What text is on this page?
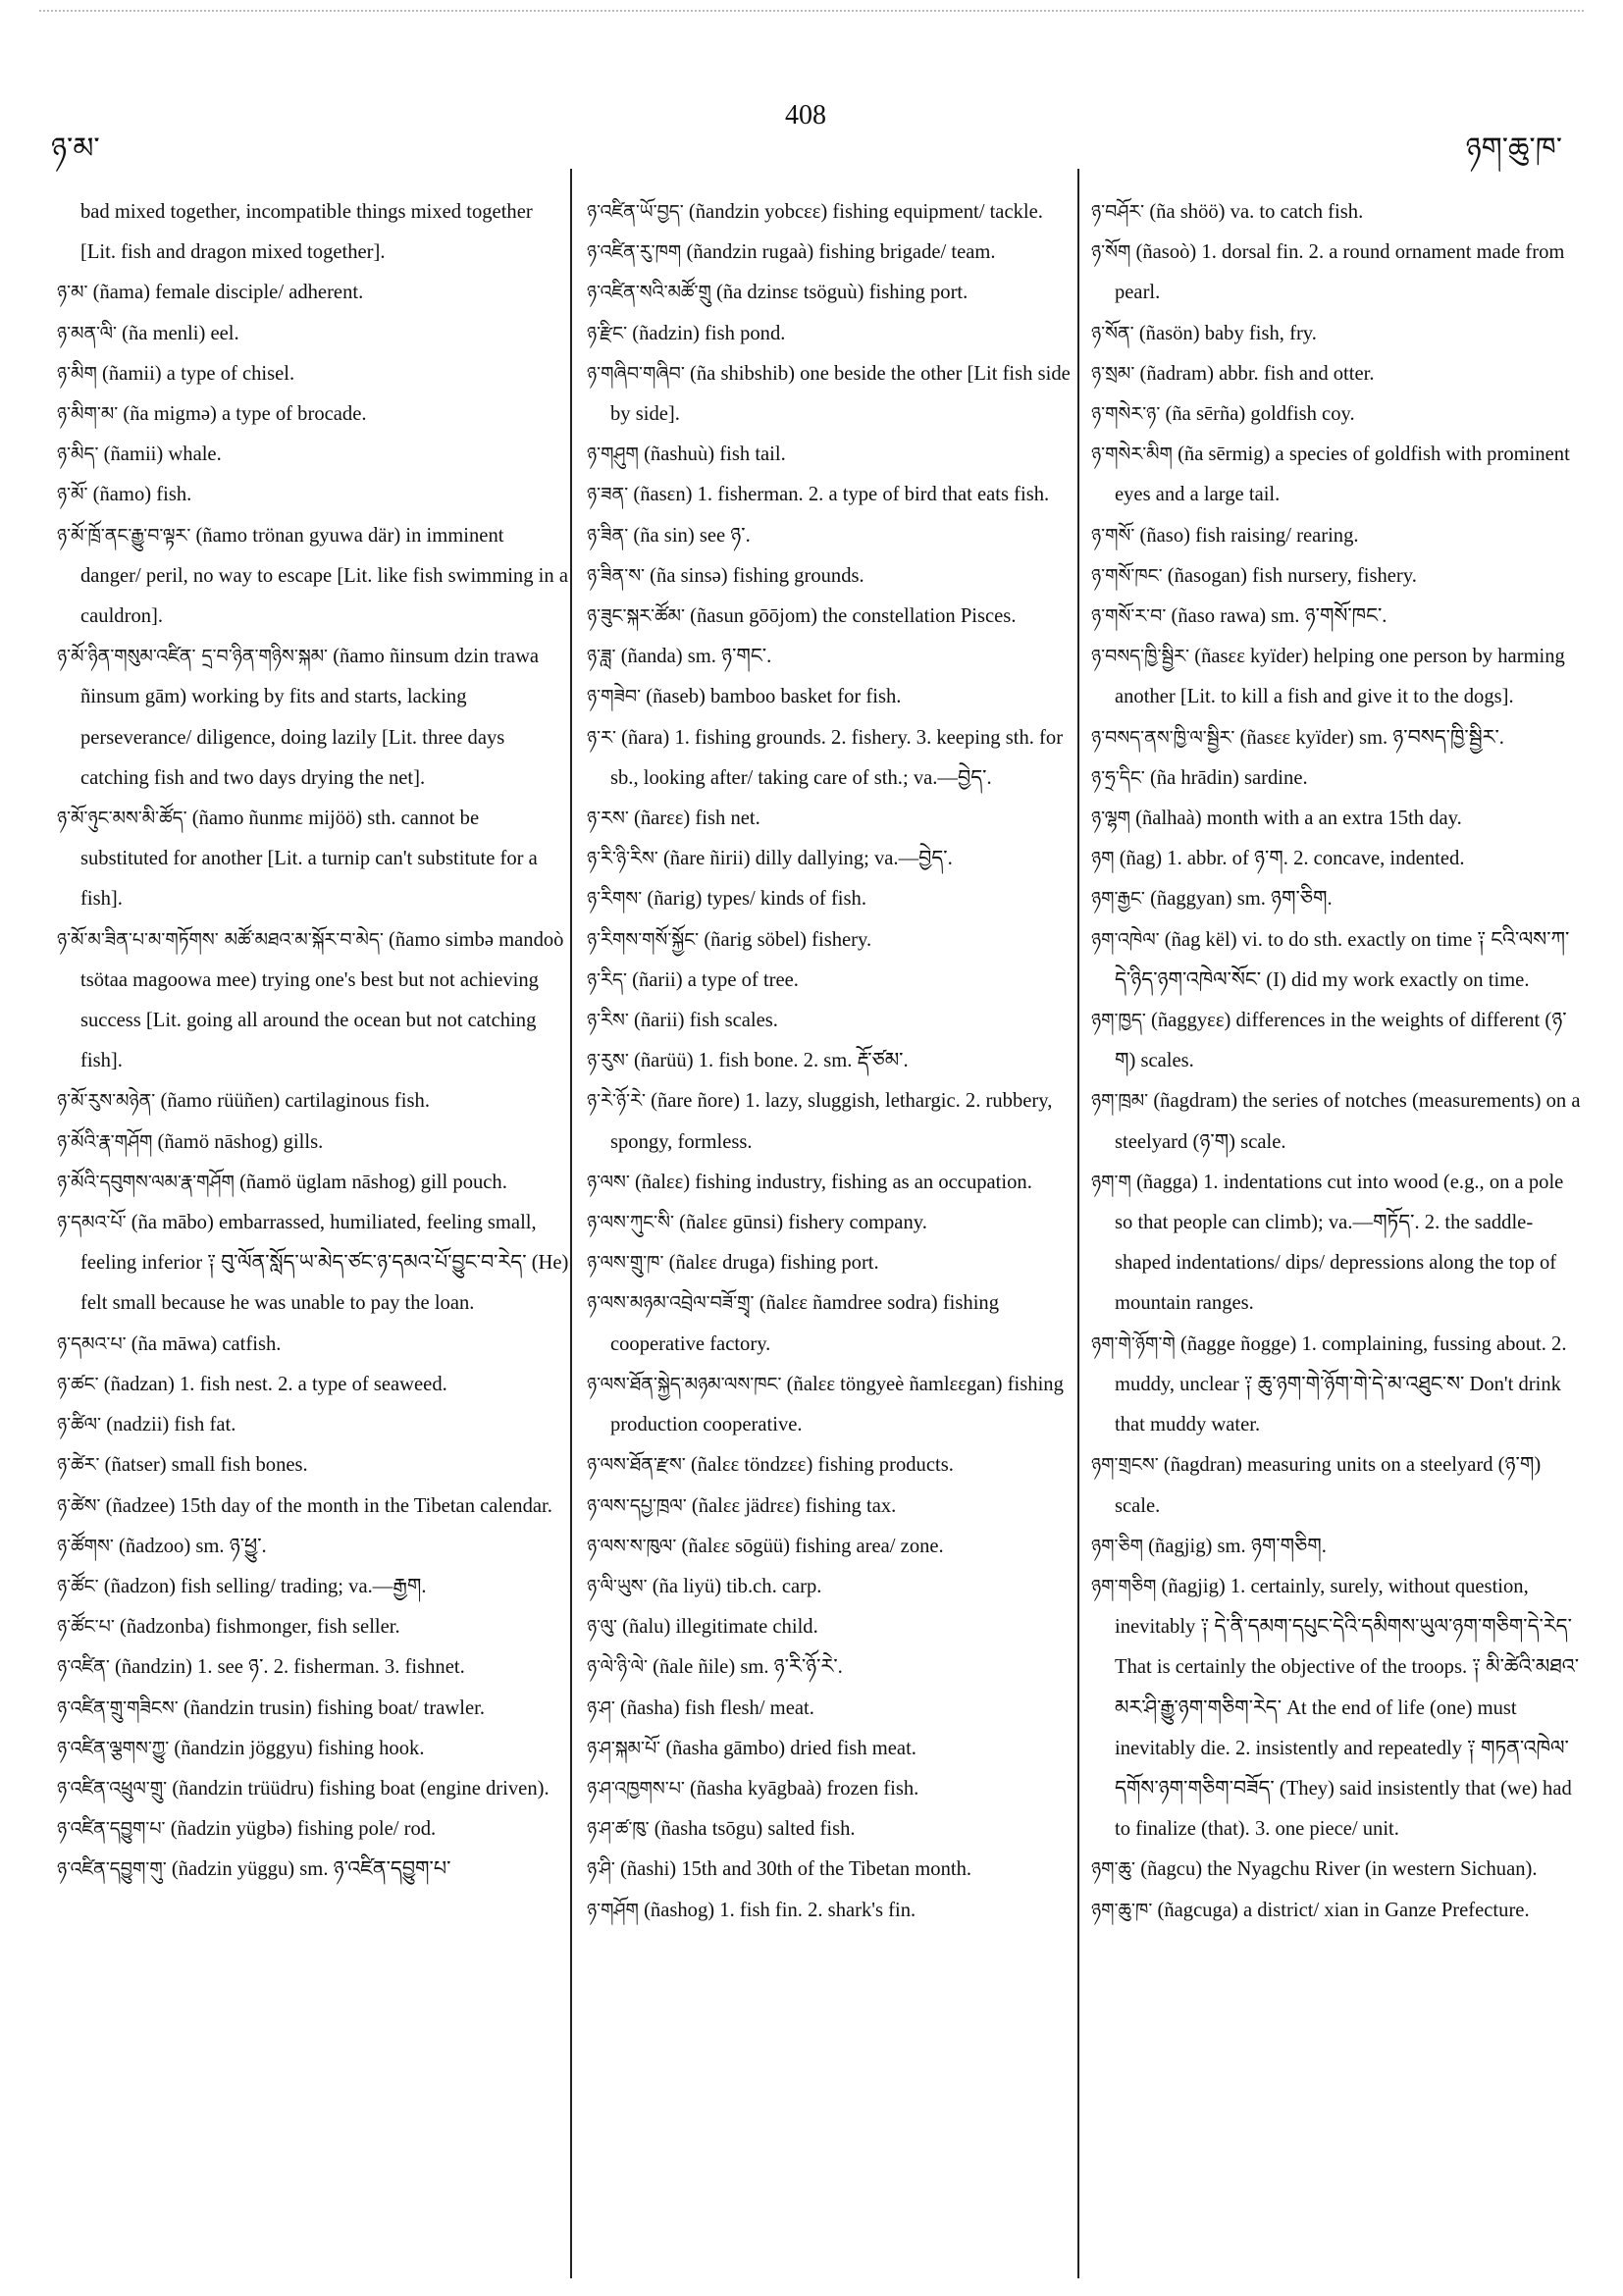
ཉ་མ་
408
ཉག་ཆུ་ཁ་

bad mixed together, incompatible things mixed together [Lit. fish and dragon mixed together].

ཉ་མ་ (ñama) female disciple/ adherent.

ཉ་མན་ལི་ (ña menli) eel.

ཉ་མིག (ñamii) a type of chisel.

ཉ་མིག་མ་ (ña migmə) a type of brocade.

ཉ་མིད་ (ñamii) whale.

ཉ་མོ་ (ñamo) fish.

ཉ་མོ་ཁྲོ་ནང་རྒྱུ་བ་ལྟར་ (ñamo trönan gyuwa där) in imminent danger/ peril, no way to escape [Lit. like fish swimming in a cauldron].

ཉ་མོ་ཉིན་གསུམ་འཛིན་ དྲ་བ་ཉིན་གཉིས་སྐམ་ (ñamo ñinsum dzin trawa ñinsum gām) working by fits and starts, lacking perseverance/ diligence, doing lazily [Lit. three days catching fish and two days drying the net].

ཉ་མོ་ཉུང་མས་མི་ཚོད་ (ñamo ñunmε mijöö) sth. cannot be substituted for another [Lit. a turnip can't substitute for a fish].

ཉ་མོ་མ་ཟིན་པ་མ་གཏོགས་ མཚོ་མཐའ་མ་སྐོར་བ་མེད་ (ñamo simbə mandoò tsötaa magoowa mee) trying one's best but not achieving success [Lit. going all around the ocean but not catching fish].

ཉ་མོ་རུས་མཉེན་ (ñamo rüüñen) cartilaginous fish.

ཉ་མོའི་རྣ་གཤོག (ñamö nāshog) gills.

ཉ་མོའི་དབུགས་ལམ་རྣ་གཤོག (ñamö üglam nāshog) gill pouch.

ཉ་དམའ་པོ་ (ña mābo) embarrassed, humiliated, feeling small, feeling inferior ༑ བུ་ལོན་སློད་ཡ་མེད་ཙང་ཉ་དམའ་པོ་བྱུང་བ་རེད་ (He) felt small because he was unable to pay the loan.

ཉ་དམའ་པ་ (ña māwa) catfish.

ཉ་ཚང་ (ñadzan) 1. fish nest. 2. a type of seaweed.

ཉ་ཚིལ་ (nadzii) fish fat.

ཉ་ཚེར་ (ñatser) small fish bones.

ཉ་ཚེས་ (ñadzee) 15th day of the month in the Tibetan calendar.

ཉ་ཚོགས་ (ñadzoo) sm. ཉ་ཕྱུ་.

ཉ་ཚོང་ (ñadzon) fish selling/ trading; va.—རྒྱག.

ཉ་ཚོང་པ་ (ñadzonba) fishmonger, fish seller.

ཉ་འཛིན་ (ñandzin) 1. see ཉ་. 2. fisherman. 3. fishnet.

ཉ་འཛིན་གྲུ་གཟིངས་ (ñandzin trusin) fishing boat/ trawler.

ཉ་འཛིན་ལྕགས་ཀྱུ་ (ñandzin jöggyu) fishing hook.

ཉ་འཛིན་འཕྲུལ་གྲུ་ (ñandzin trüüdru) fishing boat (engine driven).

ཉ་འཛིན་དབྱུག་པ་ (ñadzin yügbə) fishing pole/ rod.

ཉ་འཛིན་དབྱུག་གུ་ (ñadzin yüggu) sm. ཉ་འཛིན་དབྱུག་པ་

ཉ་འཛིན་ཡོ་བྱད་ (ñandzin yobcεε) fishing equipment/ tackle.

ཉ་འཛིན་རུ་ཁག (ñandzin rugaà) fishing brigade/ team.

ཉ་འཛིན་སའི་མཚོ་གྲུ (ña dzinsε tsöguù) fishing port.

ཉ་རྫིང་ (ñadzin) fish pond.

ཉ་གཞིབ་གཞིབ་ (ña shibshib) one beside the other [Lit fish side by side].

ཉ་གཤུག (ñashuù) fish tail.

ཉ་ཟན་ (ñasεn) 1. fisherman. 2. a type of bird that eats fish.

ཉ་ཟིན་ (ña sin) see ཉ་.

ཉ་ཟིན་ས་ (ña sinsə) fishing grounds.

ཉ་ཟུང་སྐར་ཚོམ་ (ñasun gōōjom) the constellation Pisces.

ཉ་ཟླ་ (ñanda) sm. ཉ་གང་.

ཉ་གཟེབ་ (ñaseb) bamboo basket for fish.

ཉ་ར་ (ñara) 1. fishing grounds. 2. fishery. 3. keeping sth. for sb., looking after/ taking care of sth.; va.—བྱེད་.

ཉ་རས་ (ñarεε) fish net.

ཉ་རི་ཉི་རིས་ (ñare ñirii) dilly dallying; va.—བྱེད་.

ཉ་རིགས་ (ñarig) types/ kinds of fish.

ཉ་རིགས་གསོ་སྐྱོང་ (ñarig söbel) fishery.

ཉ་རིད་ (ñarii) a type of tree.

ཉ་རིས་ (ñarii) fish scales.

ཉ་རུས་ (ñarüü) 1. fish bone. 2. sm. རྡོ་ཙམ་.

ཉ་རེ་ཉོ་རེ་ (ñare ñore) 1. lazy, sluggish, lethargic. 2. rubbery, spongy, formless.

ཉ་ལས་ (ñalεε) fishing industry, fishing as an occupation.

ཉ་ལས་ཀུང་སི་ (ñalεε gūnsi) fishery company.

ཉ་ལས་གྲུ་ཁ་ (ñalεε druga) fishing port.

ཉ་ལས་མཉམ་འབྲེལ་བཟོ་གྲྭ་ (ñalεε ñamdree sodra) fishing cooperative factory.

ཉ་ལས་ཐོན་སྐྱེད་མཉམ་ལས་ཁང་ (ñalεε töngyeè ñamlεεgan) fishing production cooperative.

ཉ་ལས་ཐོན་རྫས་ (ñalεε töndzεε) fishing products.

ཉ་ལས་དཔྱ་ཁྲལ་ (ñalεε jädrεε) fishing tax.

ཉ་ལས་ས་ཁུལ་ (ñalεε sōgüü) fishing area/ zone.

ཉ་ལི་ཡུས་ (ña liyü) tib.ch. carp.

ཉ་ལུ་ (ñalu) illegitimate child.

ཉ་ལེ་ཉི་ལེ་ (ñale ñile) sm. ཉ་རི་ཉོ་རེ་.

ཉ་ཤ་ (ñasha) fish flesh/ meat.

ཉ་ཤ་སྐམ་པོ་ (ñasha gāmbo) dried fish meat.

ཉ་ཤ་འཁྱགས་པ་ (ñasha kyāgbaà) frozen fish.

ཉ་ཤ་ཚ་ཁུ་ (ñasha tsōgu) salted fish.

ཉ་ཤི་ (ñashi) 15th and 30th of the Tibetan month.

ཉ་གཤོག (ñashog) 1. fish fin. 2. shark's fin.

ཉ་བཤོར་ (ña shöö) va. to catch fish.

ཉ་སོག (ñasoò) 1. dorsal fin. 2. a round ornament made from pearl.

ཉ་སོན་ (ñasön) baby fish, fry.

ཉ་སྲམ་ (ñadram) abbr. fish and otter.

ཉ་གསེར་ཉ་ (ña sērña) goldfish coy.

ཉ་གསེར་མིག (ña sērmig) a species of goldfish with prominent eyes and a large tail.

ཉ་གསོ་ (ñaso) fish raising/ rearing.

ཉ་གསོ་ཁང་ (ñasogan) fish nursery, fishery.

ཉ་གསོ་ར་བ་ (ñaso rawa) sm. ཉ་གསོ་ཁང་.

ཉ་བསད་ཁྱི་སྦྱིར་ (ñasεε kyïder) helping one person by harming another [Lit. to kill a fish and give it to the dogs].

ཉ་བསད་ནས་ཁྱི་ལ་སྦྱིར་ (ñasεε kyïder) sm. ཉ་བསད་ཁྱི་སྦྱིར་.

ཉ་ཧྲ་དིང་ (ña hrādin) sardine.

ཉ་ལྷག (ñalhaà) month with a an extra 15th day.

ཉག (ñag) 1. abbr. of ཉ་ག. 2. concave, indented.

ཉག་རྒྱང་ (ñaggyan) sm. ཉག་ཅིག.

ཉག་འཁེལ་ (ñag kël) vi. to do sth. exactly on time ༑ ངའི་ལས་ཀ་དེ་ཉིད་ཉག་འཁེལ་སོང་ (I) did my work exactly on time.

ཉག་ཁྱད་ (ñaggyεε) differences in the weights of different (ཉ་ག) scales.

ཉག་ཁྲམ་ (ñagdram) the series of notches (measurements) on a steelyard (ཉ་ག) scale.

ཉག་ག (ñagga) 1. indentations cut into wood (e.g., on a pole so that people can climb); va.—གཏོད་. 2. the saddle-shaped indentations/ dips/ depressions along the top of mountain ranges.

ཉག་གེ་ཉོག་གེ (ñagge ñogge) 1. complaining, fussing about. 2. muddy, unclear ༑ ཆུ་ཉག་གེ་ཉོག་གེ་དེ་མ་འཐུང་ས་ Don't drink that muddy water.

ཉག་གྲངས་ (ñagdran) measuring units on a steelyard (ཉ་ག) scale.

ཉག་ཅིག (ñagjig) sm. ཉག་གཅིག.

ཉག་གཅིག (ñagjig) 1. certainly, surely, without question, inevitably ༑ དེ་ནི་དམག་དཔུང་དེའི་དམིགས་ཡུལ་ཉག་གཅིག་དེ་རེད་ That is certainly the objective of the troops. ༑ མི་ཚེའི་མཐའ་མར་ཤི་རྒྱུ་ཉག་གཅིག་རེད་ At the end of life (one) must inevitably die. 2. insistently and repeatedly ༑ གཏན་འཁེལ་དགོས་ཉག་གཅིག་བཟོད་ (They) said insistently that (we) had to finalize (that). 3. one piece/ unit.

ཉག་ཆུ་ (ñagcu) the Nyagchu River (in western Sichuan).

ཉག་ཆུ་ཁ་ (ñagcuga) a district/ xian in Ganze Prefecture.
